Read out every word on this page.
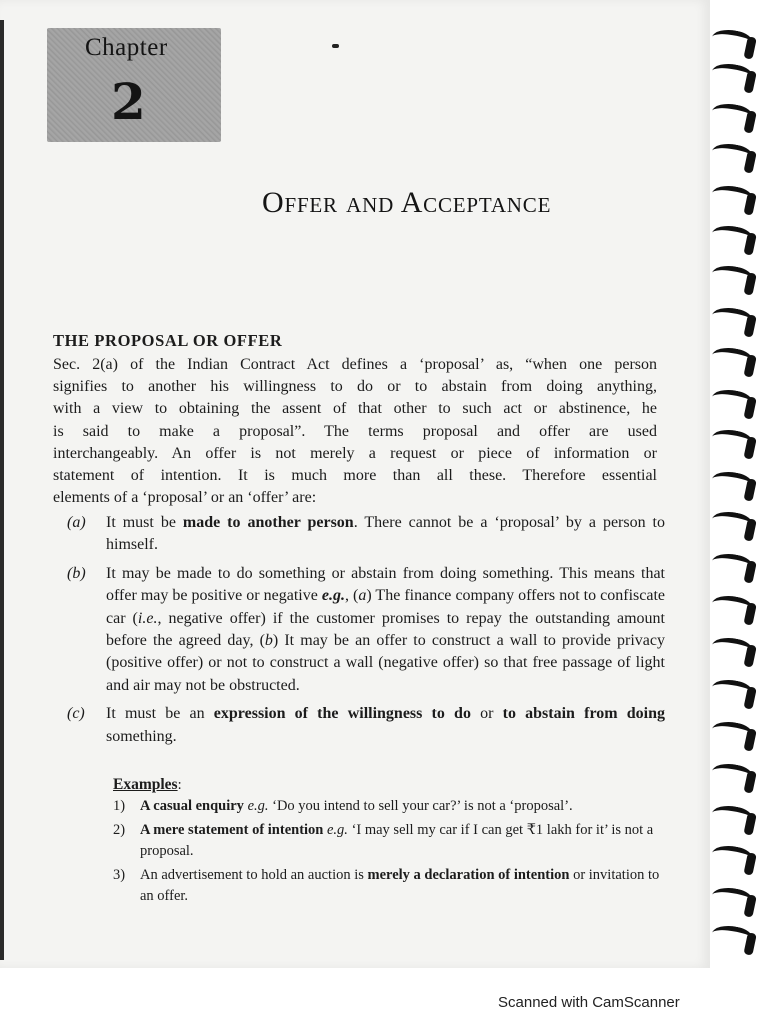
Chapter
2
Offer and Acceptance
THE PROPOSAL OR OFFER
Sec. 2(a) of the Indian Contract Act defines a ‘proposal’ as, “when one person
signifies to another his willingness to do or to abstain from doing anything,
with a view to obtaining the assent of that other to such act or abstinence, he
is said to make a proposal”. The terms proposal and offer are used
interchangeably. An offer is not merely a request or piece of information or
statement of intention. It is much more than all these. Therefore essential
elements of a ‘proposal’ or an ‘offer’ are:
(a) It must be made to another person. There cannot be a ‘proposal’ by a person to himself.
(b) It may be made to do something or abstain from doing something. This means that offer may be positive or negative e.g., (a) The finance company offers not to confiscate car (i.e., negative offer) if the customer promises to repay the outstanding amount before the agreed day, (b) It may be an offer to construct a wall to provide privacy (positive offer) or not to construct a wall (negative offer) so that free passage of light and air may not be obstructed.
(c) It must be an expression of the willingness to do or to abstain from doing something.
Examples:
1) A casual enquiry e.g. ‘Do you intend to sell your car?’ is not a ‘proposal’.
2) A mere statement of intention e.g. ‘I may sell my car if I can get ₹1 lakh for it’ is not a proposal.
3) An advertisement to hold an auction is merely a declaration of intention or invitation to an offer.
Scanned with CamScanner
